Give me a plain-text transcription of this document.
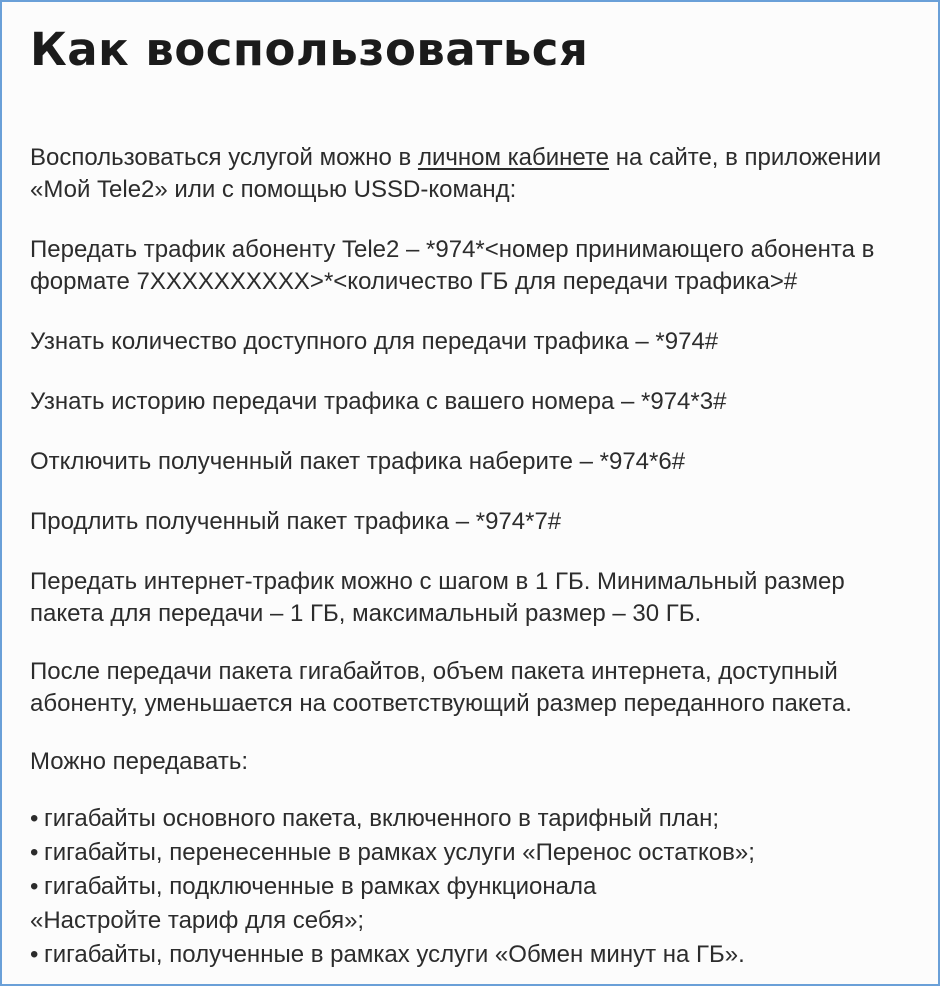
Как воспользоваться

Воспользоваться услугой можно в личном кабинете на сайте, в приложении «Мой Tele2» или с помощью USSD-команд:

Передать трафик абоненту Tele2 – *974*<номер принимающего абонента в формате 7XXXXXXXXXX>*<количество ГБ для передачи трафика>#

Узнать количество доступного для передачи трафика – *974#

Узнать историю передачи трафика с вашего номера – *974*3#

Отключить полученный пакет трафика наберите – *974*6#

Продлить полученный пакет трафика – *974*7#

Передать интернет-трафик можно с шагом в 1 ГБ. Минимальный размер пакета для передачи – 1 ГБ, максимальный размер – 30 ГБ.

После передачи пакета гигабайтов, объем пакета интернета, доступный абоненту, уменьшается на соответствующий размер переданного пакета.

Можно передавать:

• гигабайты основного пакета, включенного в тарифный план;
• гигабайты, перенесенные в рамках услуги «Перенос остатков»;
• гигабайты, подключенные в рамках функционала
«Настройте тариф для себя»;
• гигабайты, полученные в рамках услуги «Обмен минут на ГБ».
